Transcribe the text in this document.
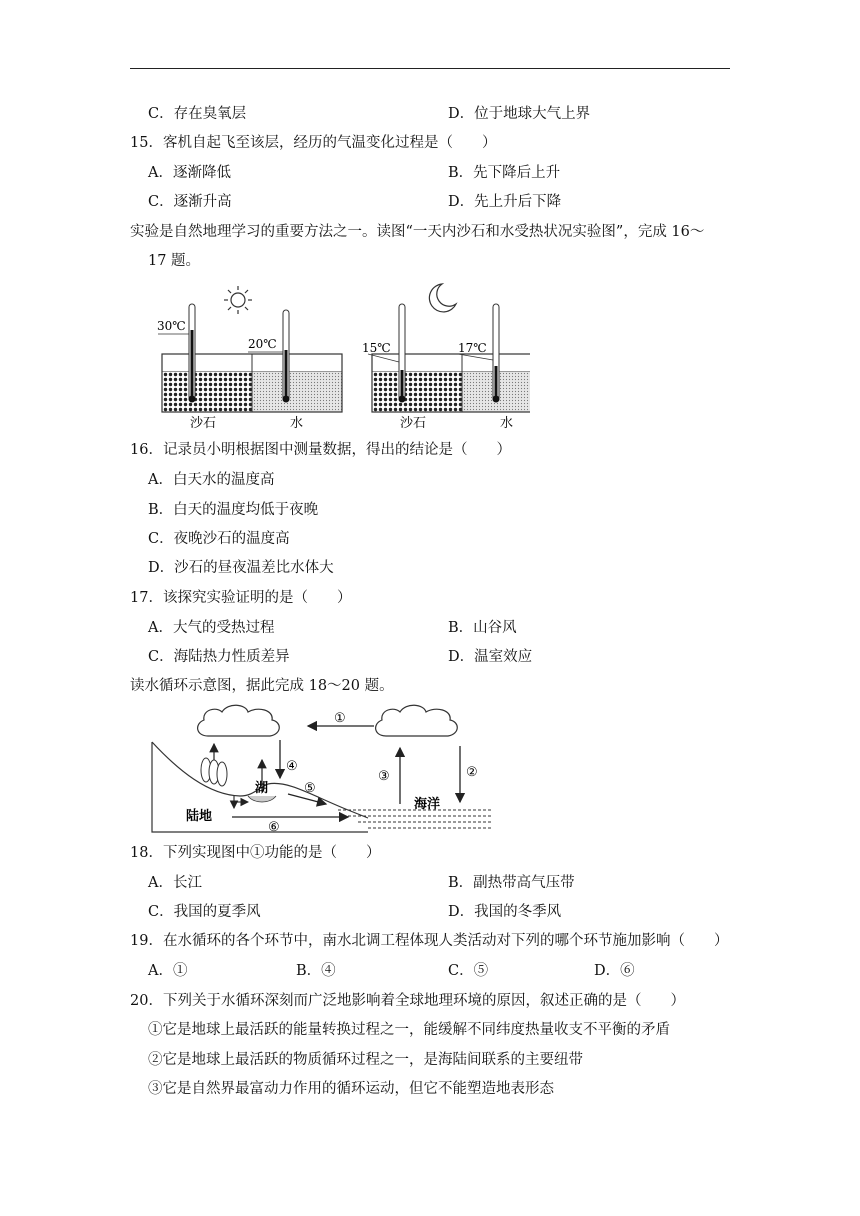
C．存在臭氧层	D．位于地球大气上界
15．客机自起飞至该层，经历的气温变化过程是（　　）
A．逐渐降低	B．先下降后上升
C．逐渐升高	D．先上升后下降
实验是自然地理学习的重要方法之一。读图“一天内沙石和水受热状况实验图”，完成 16～
17 题。
30℃
20℃
沙石	水
15℃	17℃
沙石	水
16．记录员小明根据图中测量数据，得出的结论是（　　）
A．白天水的温度高
B．白天的温度均低于夜晚
C．夜晚沙石的温度高
D．沙石的昼夜温差比水体大
17．该探究实验证明的是（　　）
A．大气的受热过程	B．山谷风
C．海陆热力性质差异	D．温室效应
读水循环示意图，据此完成 18～20 题。
①
湖
海洋
②
③
④
⑤
⑥
陆地
18．下列实现图中①功能的是（　　）
A．长江	B．副热带高气压带
C．我国的夏季风	D．我国的冬季风
19．在水循环的各个环节中，南水北调工程体现人类活动对下列的哪个环节施加影响（　　）
A．①	B．④	C．⑤	D．⑥
20．下列关于水循环深刻而广泛地影响着全球地理环境的原因，叙述正确的是（　　）
①它是地球上最活跃的能量转换过程之一，能缓解不同纬度热量收支不平衡的矛盾
②它是地球上最活跃的物质循环过程之一，是海陆间联系的主要纽带
③它是自然界最富动力作用的循环运动，但它不能塑造地表形态
